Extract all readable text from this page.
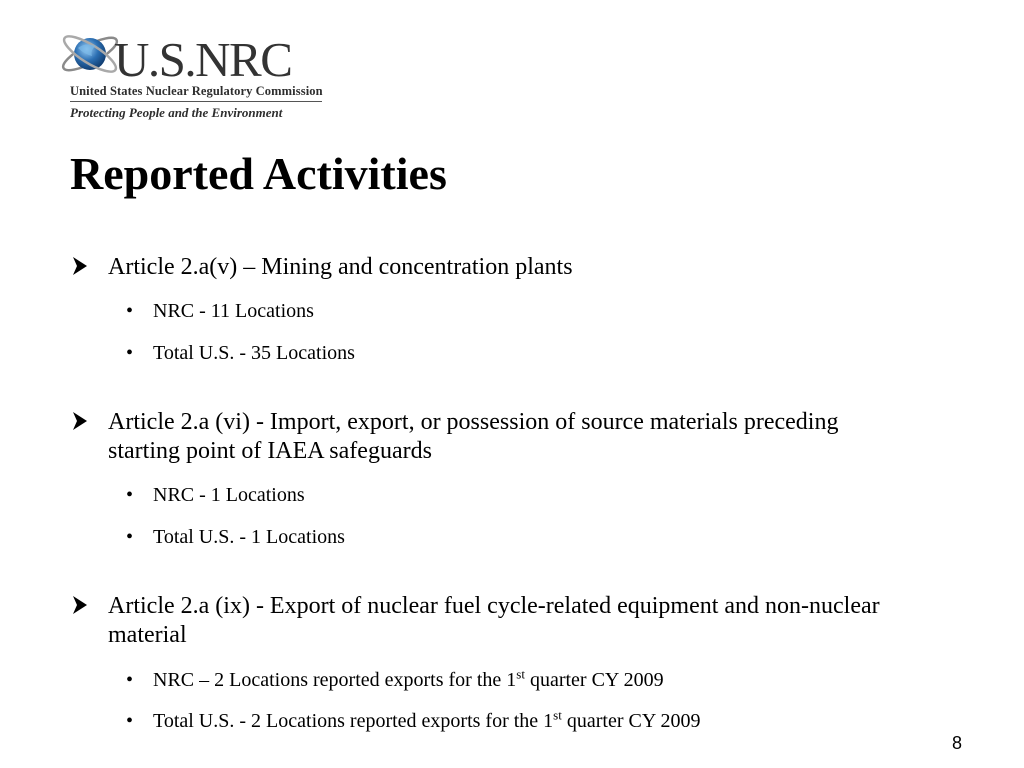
U.S.NRC
United States Nuclear Regulatory Commission
Protecting People and the Environment
Reported Activities
Article 2.a(v) – Mining and concentration plants
• NRC - 11 Locations
• Total U.S. - 35 Locations
Article 2.a (vi) - Import, export, or possession of source materials preceding starting point of IAEA safeguards
• NRC - 1 Locations
• Total U.S. - 1 Locations
Article 2.a (ix) - Export of nuclear fuel cycle-related equipment and non-nuclear material
• NRC – 2 Locations reported exports for the 1st quarter CY 2009
• Total U.S. - 2 Locations reported exports for the 1st quarter CY 2009
8
